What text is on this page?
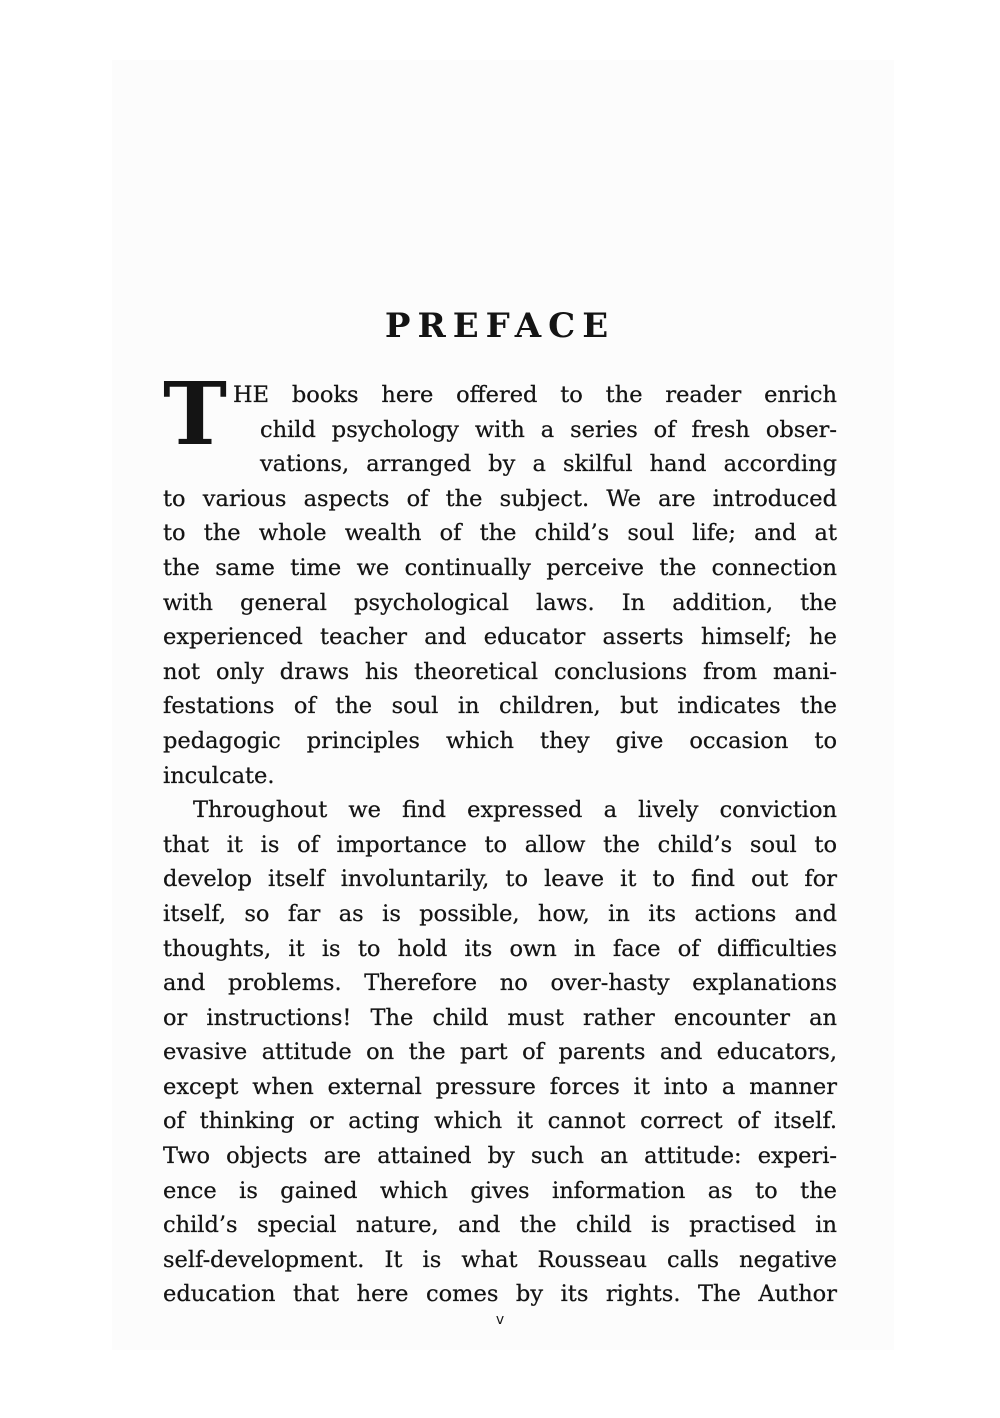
PREFACE
T HE books here offered to the reader enrich
child psychology with a series of fresh obser-
vations, arranged by a skilful hand according
to various aspects of the subject. We are introduced
to the whole wealth of the child’s soul life; and at
the same time we continually perceive the connection
with general psychological laws. In addition, the
experienced teacher and educator asserts himself; he
not only draws his theoretical conclusions from mani-
festations of the soul in children, but indicates the
pedagogic principles which they give occasion to
inculcate.
Throughout we find expressed a lively conviction
that it is of importance to allow the child’s soul to
develop itself involuntarily, to leave it to find out for
itself, so far as is possible, how, in its actions and
thoughts, it is to hold its own in face of difficulties
and problems. Therefore no over-hasty explanations
or instructions! The child must rather encounter an
evasive attitude on the part of parents and educators,
except when external pressure forces it into a manner
of thinking or acting which it cannot correct of itself.
Two objects are attained by such an attitude: experi-
ence is gained which gives information as to the
child’s special nature, and the child is practised in
self-development. It is what Rousseau calls negative
education that here comes by its rights. The Author
v
